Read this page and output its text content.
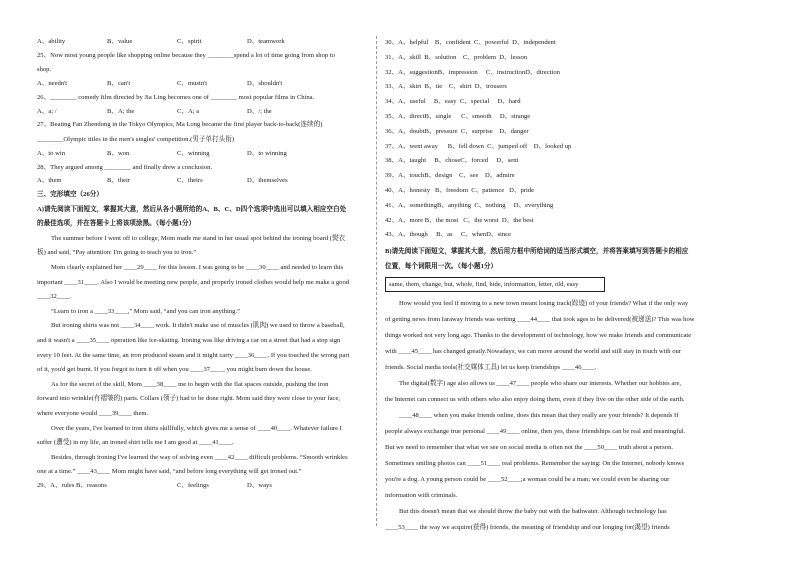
A、ability	B、value	C、spirit	D、teamwork
25、Now most young people like shopping online because they ________spend a lot of time going from shop to
shop.
A、needn't	B、can't	C、mustn't	D、shouldn't
26、________ comedy film directed by Jia Ling becomes one of ________ most popular films in China.
A、a; /	B、A; the	C、A; a	D、/; the
27、Beating Fan Zhendong in the Tokyo Olympics, Ma Long became the first player back-to-back(连续的)
________Olympic titles in the men's singles' competition.(男子单打头衔)
A、to win	B、won	C、winning	D、to winning
28、They argued among ________ and finally drew a conclusion.
A、them	B、their	C、theirs	D、themselves
三、完形填空（26分）
A)请先阅读下面短文，掌握其大意，然后从各小题所给的A、B、C、D四个选项中选出可以填入相应空白处
的最佳选项，并在答题卡上将该项涂黑。（每小题1分）
The summer before I went off to college, Mom made me stand in her usual spot behind the ironing board (熨衣
板) and said, “Pay attention: I'm going to teach you to iron.”
Mom clearly explained her ____29____ for this lesson. I was going to be ____30____ and needed to learn this
important ____31____. Also I would be meeting new people, and properly ironed clothes would help me make a good
____32____.
“Learn to iron a ____33____,” Mom said, “and you can iron anything.”
But ironing shirts was not ____34____ work. It didn't make use of muscles (肌肉) we used to throw a baseball,
and it wasn't a ____35____ operation like ice-skating. Ironing was like driving a car on a street that had a stop sign
every 10 feet. At the same time, an iron produced steam and it might carry ____36____. If you touched the wrong part
of it, you'd get burnt. If you forgot to turn it off when you ____37____, you might burn down the house.
As for the secret of the skill, Mom ____38____ me to begin with the flat spaces outside, pushing the iron
forward into wrinkle(有褶皱的) parts. Collars (领子) had to be done right. Mom said they were close to your face,
where everyone would ____39____ them.
Over the years, I've learned to iron shirts skillfully, which gives me a sense of ____40____. Whatever failure I
suffer (遭受) in my life, an ironed shirt tells me I am good at ____41____.
Besides, through ironing I've learned the way of solving even ____42____ difficult problems. “Smooth wrinkles
one at a time.” ____43____ Mom might have said, “and before long everything will get ironed out.”
29、A、rules B、reasons	C、feelings	D、ways
30、A、helpful    B、confident  C、powerful  D、independent
31、A、skill  B、solution    C、problem  D、lesson
32、A、suggestionB、impression     C、instructionD、direction
33、A、skirt  B、tie    C、shirt  D、trousers
34、A、useful     B、easy  C、special     D、hard
35、A、directB、single      C、smooth     D、strange
36、A、doubtB、pressure  C、surprise    D、danger
37、A、went away      B、fell down  C、jumped off    D、looked up
38、A、taught     B、choseC、forced     D、sent
39、A、touchB、design    C、see    D、admire
40、A、honesty   B、freedom  C、patience   D、pride
41、A、somethingB、anything  C、nothing     D、everything
42、A、more B、the most   C、the worst  D、the best
43、A、though     B、as     C、whenD、since
B)请先阅读下面短文，掌握其大意，然后用方框中所给词的适当形式填空，并将答案填写到答题卡的相应
位置，每个词限用一次。（每小题1分）
same, them, change, but, whole, find, hide, information, letter, old, easy
How would you feel if moving to a new town meant losing track(踪迹) of your friends? What if the only way
of getting news from faraway friends was writing ____44____ that took ages to be delivered(被递送)? This was how
things worked not very long ago. Thanks to the development of technology, how we make friends and communicate
with ____45____ has changed greatly.Nowadays, we can move around the world and still stay in touch with our
friends. Social media tools(社交媒体工具) let us keep friendships ____46____.
The digital(数字) age also allows us ____47____ people who share our interests. Whether our hobbies are,
the Internet can connect us with others who also enjoy doing them, even if they live on the other side of the earth.
____48____ when you make friends online, does this mean that they really are your friends? It depends If
people always exchange true personal ____49____ online, then yes, these friendships can be real and meaningful.
But we need to remember that what we see on social media is often not the ____50____ truth about a person.
Sometimes smiling photos can ____51____ real problems. Remember the saying: On the Internet, nobody knows
you're a dog. A young person could be ____52____;a woman could be a man; we could even be sharing our
information with criminals.
But this doesn't mean that we should throw the baby out with the bathwater. Although technology has
____53____ the way we acquire(获得) friends, the meaning of friendship and our longing for(渴望) friends
